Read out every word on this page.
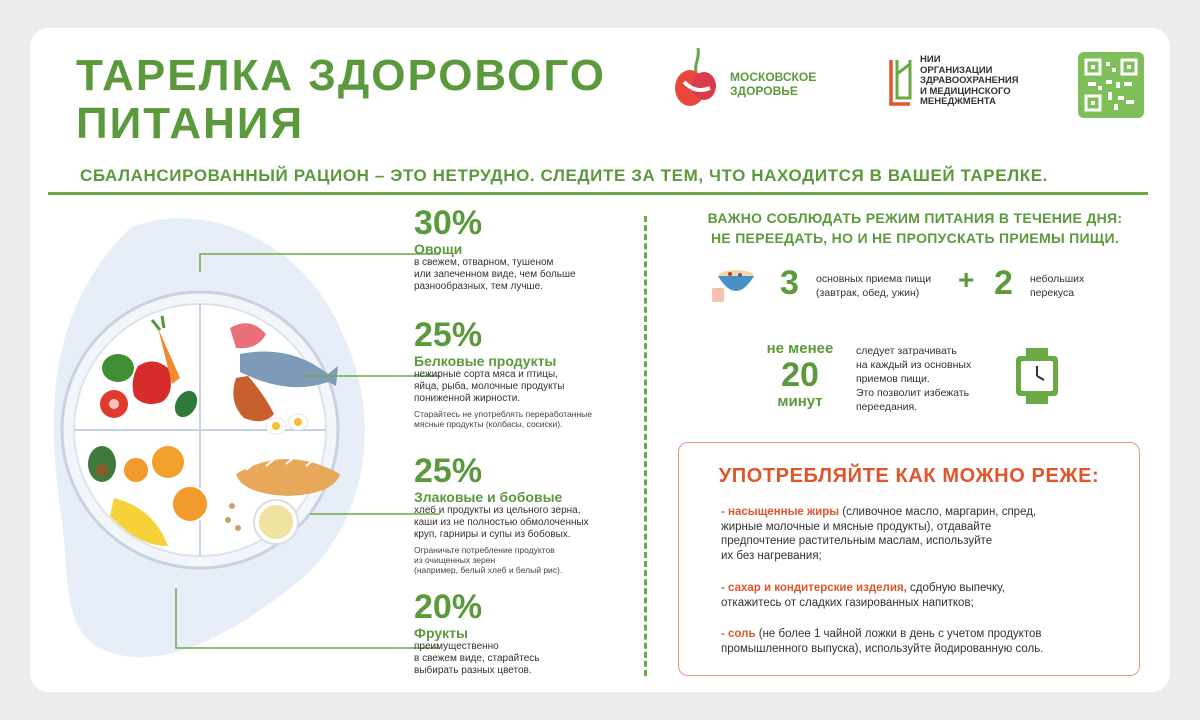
ТАРЕЛКА ЗДОРОВОГО ПИТАНИЯ
МОСКОВСКОЕ
ЗДОРОВЬЕ
НИИ
ОРГАНИЗАЦИИ
ЗДРАВООХРАНЕНИЯ
И МЕДИЦИНСКОГО
МЕНЕДЖМЕНТА
СБАЛАНСИРОВАННЫЙ РАЦИОН – ЭТО НЕТРУДНО. СЛЕДИТЕ ЗА ТЕМ, ЧТО НАХОДИТСЯ В ВАШЕЙ ТАРЕЛКЕ.
30%
Овощи
в свежем, отварном, тушеном
или запеченном виде, чем больше
разнообразных, тем лучше.
25%
Белковые продукты
нежирные сорта мяса и птицы,
яйца, рыба, молочные продукты
пониженной жирности.
Старайтесь не употреблять переработанные
мясные продукты (колбасы, сосиски).
25%
Злаковые и бобовые
хлеб и продукты из цельного зерна,
каши из не полностью обмолоченных
круп, гарниры и супы из бобовых.
Ограничьте потребление продуктов
из очищенных зерен
(например, белый хлеб и белый рис).
20%
Фрукты
преимущественно
в свежем виде, старайтесь
выбирать разных цветов.
ВАЖНО СОБЛЮДАТЬ РЕЖИМ ПИТАНИЯ В ТЕЧЕНИЕ ДНЯ:
НЕ ПЕРЕЕДАТЬ, НО И НЕ ПРОПУСКАТЬ ПРИЕМЫ ПИЩИ.
3 основных приема пищи
(завтрак, обед, ужин)	+ 2 небольших
перекуса
не менее
20
минут
следует затрачивать
на каждый из основных
приемов пищи.
Это позволит избежать
переедания.
УПОТРЕБЛЯЙТЕ КАК МОЖНО РЕЖЕ:
- насыщенные жиры (сливочное масло, маргарин, спред,
жирные молочные и мясные продукты), отдавайте
предпочтение растительным маслам, используйте
их без нагревания;
- сахар и кондитерские изделия, сдобную выпечку,
откажитесь от сладких газированных напитков;
- соль (не более 1 чайной ложки в день с учетом продуктов
промышленного выпуска), используйте йодированную соль.
